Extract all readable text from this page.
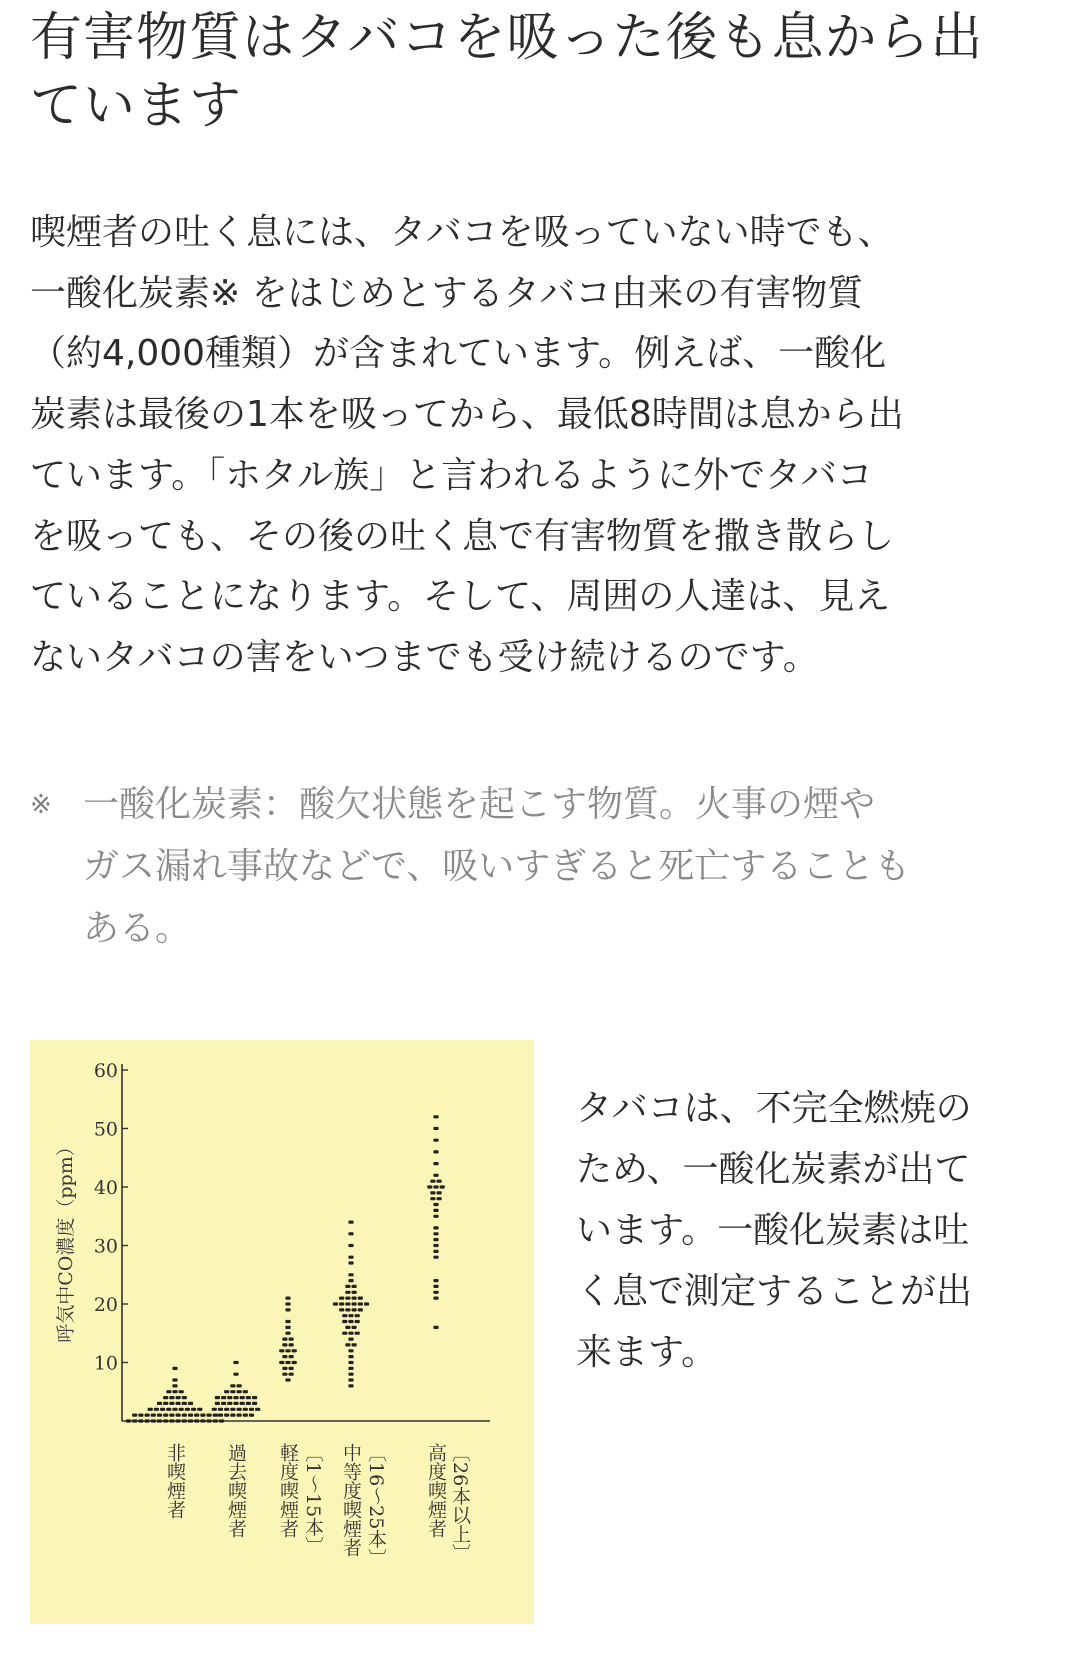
有害物質はタバコを吸った後も息から出
ています
喫煙者の吐く息には、タバコを吸っていない時でも、
一酸化炭素※ をはじめとするタバコ由来の有害物質
（約4,000種類）が含まれています。例えば、一酸化
炭素は最後の1本を吸ってから、最低8時間は息から出
ています。「ホタル族」と言われるように外でタバコ
を吸っても、その後の吐く息で有害物質を撒き散らし
ていることになります。そして、周囲の人達は、見え
ないタバコの害をいつまでも受け続けるのです。
※ 一酸化炭素：酸欠状態を起こす物質。火事の煙や
ガス漏れ事故などで、吸いすぎると死亡することも
ある。
10
20
30
40
50
60
呼気中CO濃度（ppm）
非喫煙者 過去喫煙者 軽度喫煙者 〔1〜15本〕 中等度喫煙者 〔16〜25本〕 高度喫煙者 〔26本以上〕
タバコは、不完全燃焼の
ため、一酸化炭素が出て
います。一酸化炭素は吐
く息で測定することが出
来ます。
